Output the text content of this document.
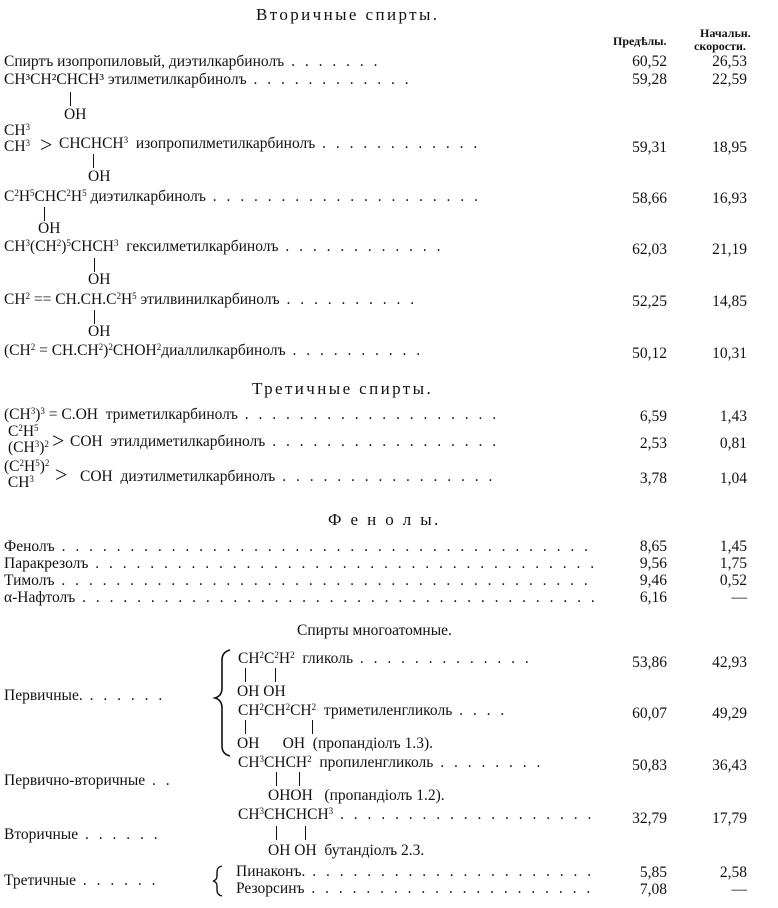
Вторичные спирты.
Предѣлы.
Начальн.
скорости.
Спиртъ изопропиловый, диэтилкарбинолъ . . . . . . .	60,52	26,53
CH³CH²CHCH³ этилметилкарбинолъ . . . . . . . . . . . .	59,28	22,59
OH
$CH^3$
$CH^3$ > $CHCHCH^3$ изопропилметилкарбинолъ . . . . . . . . . . . .	59,31	18,95
OH
$C^2H^5CHC^2H^5$ диэтилкарбинолъ . . . . . . . . . . . . . . . . . . . .	58,66	16,93
OH
$CH^3(CH^2)^5CHCH^3$ гексилметилкарбинолъ . . . . . . . . . . . .	62,03	21,19
OH
$CH^2 == CH.CH.C^2H^5$ этилвинилкарбинолъ . . . . . . . . . .	52,25	14,85
OH
($CH^2$ = $CH.CH^2)^2CHOH^2диаллилкарбинолъ$ . . . . . . . . . .	50,12	10,31
Третичные спирты.
$(CH^3)^3 = C.OH$  триметилкарбинолъ . . . . . . . . . . . . . . . . . . .	6,59	1,43
$C^2H^5$
$(CH^3)^2$ > COH  этилдиметилкарбинолъ . . . . . . . . . . . . . . . . .	2,53	0,81
$(C^2H^5)^2$
$CH^3$ > COH  диэтилметилкарбинолъ . . . . . . . . . . . . . . . .	3,78	1,04
Ф е н о л ы.
Фенолъ . . . . . . . . . . . . . . . . . . . . . . . . . . . . . . . . . . . . . . .	8,65	1,45
Паракрезолъ . . . . . . . . . . . . . . . . . . . . . . . . . . . . . . . . . . . . .	9,56	1,75
Тимолъ . . . . . . . . . . . . . . . . . . . . . . . . . . . . . . . . . . . . . . .	9,46	0,52
α-Нафтолъ . . . . . . . . . . . . . . . . . . . . . . . . . . . . . . . . . . . . . .	6,16	—
Спирты многоатомные.
Первичные. . . . . . .
$CH^2C^2H^2$ гликоль . . . . . . . . . . . . .	53,86	42,93
OH OH
$CH^2CH^2CH^2$ триметиленгликоль . . . .	60,07	49,29
OH      OH  (пропандіолъ 1.3).
Первично-вторичные . .
$CH^3CHCH^2$ пропиленгликоль . . . . . . . .	50,83	36,43
OHOH   (пропандіолъ 1.2).
Вторичные . . . . . .
$CH^3CHCHCH^3$ . . . . . . . . . . . . . . . . . . . 32,79	17,79
OH OH  бутандіолъ 2.3.
Третичные . . . . . .
Пинаконъ. . . . . . . . . . . . . . . . . . . . . .	5,85	2,58
Резорсинъ . . . . . . . . . . . . . . . . . . . . .	7,08	—
